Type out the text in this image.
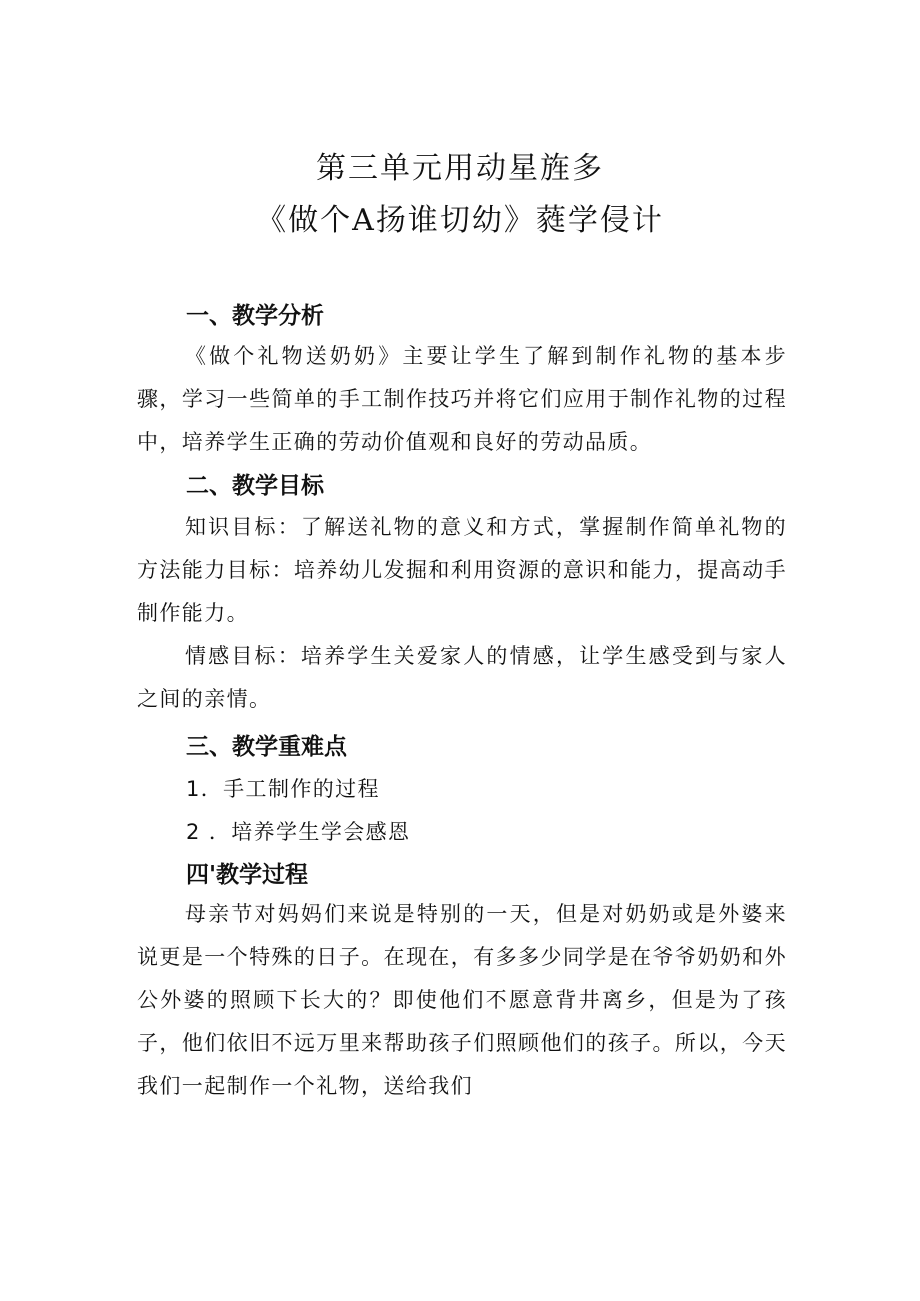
第三单元用动星旌多
《做个A扬谁切幼》蕤学侵计
一、教学分析
《做个礼物送奶奶》主要让学生了解到制作礼物的基本步骤，学习一些简单的手工制作技巧并将它们应用于制作礼物的过程中，培养学生正确的劳动价值观和良好的劳动品质。
二、教学目标
知识目标：了解送礼物的意义和方式，掌握制作简单礼物的方法能力目标：培养幼儿发掘和利用资源的意识和能力，提高动手制作能力。
情感目标：培养学生关爱家人的情感，让学生感受到与家人之间的亲情。
三、教学重难点
1．手工制作的过程
2 ．培养学生学会感恩
四'教学过程
母亲节对妈妈们来说是特别的一天，但是对奶奶或是外婆来说更是一个特殊的日子。在现在，有多多少同学是在爷爷奶奶和外公外婆的照顾下长大的？即使他们不愿意背井离乡，但是为了孩子，他们依旧不远万里来帮助孩子们照顾他们的孩子。所以，今天我们一起制作一个礼物，送给我们
